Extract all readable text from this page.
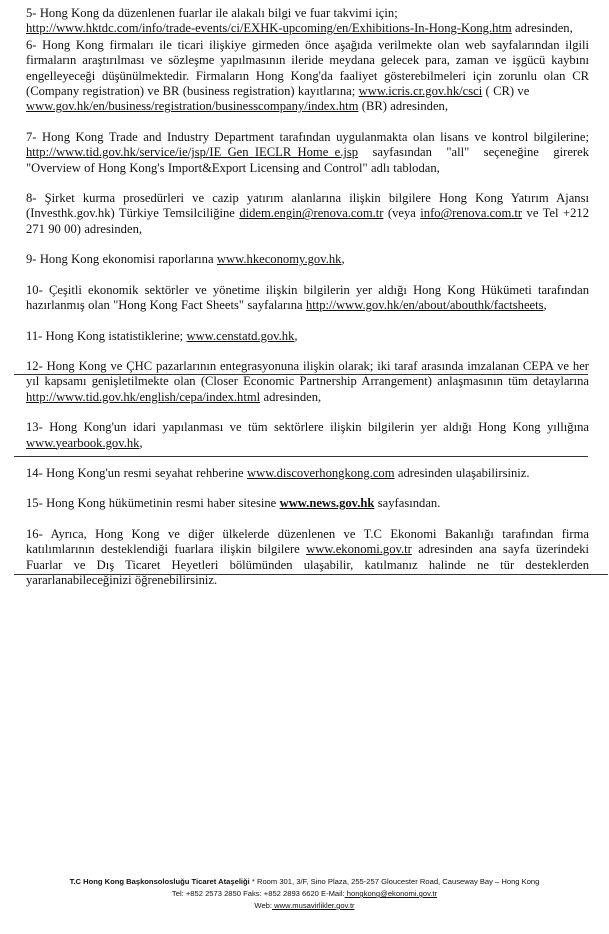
5- Hong Kong da düzenlenen fuarlar ile alakalı bilgi ve fuar takvimi için;
http://www.hktdc.com/info/trade-events/ci/EXHK-upcoming/en/Exhibitions-In-Hong-Kong.htm adresinden,

6- Hong Kong firmaları ile ticari ilişkiye girmeden önce aşağıda verilmekte olan web sayfalarından ilgili firmaların araştırılması ve sözleşme yapılmasının ileride meydana gelecek para, zaman ve işgücü kaybını engelleyeceği düşünülmektedir. Firmaların Hong Kong'da faaliyet gösterebilmeleri için zorunlu olan CR (Company registration) ve BR (business registration) kayıtlarına; www.icris.cr.gov.hk/csci ( CR) ve
www.gov.hk/en/business/registration/businesscompany/index.htm (BR) adresinden,

7- Hong Kong Trade and Industry Department tarafından uygulanmakta olan lisans ve kontrol bilgilerine; http://www.tid.gov.hk/service/ie/jsp/IE_Gen_IECLR_Home_e.jsp sayfasından "all" seçeneğine girerek "Overview of Hong Kong's Import&Export Licensing and Control" adlı tablodan,

8- Şirket kurma prosedürleri ve cazip yatırım alanlarına ilişkin bilgilere Hong Kong Yatırım Ajansı (Investhk.gov.hk) Türkiye Temsilciliğine didem.engin@renova.com.tr (veya info@renova.com.tr ve Tel +212 271 90 00) adresinden,

9- Hong Kong ekonomisi raporlarına www.hkeconomy.gov.hk,

10- Çeşitli ekonomik sektörler ve yönetime ilişkin bilgilerin yer aldığı Hong Kong Hükümeti tarafından hazırlanmış olan "Hong Kong Fact Sheets" sayfalarına http://www.gov.hk/en/about/abouthk/factsheets,

11- Hong Kong istatistiklerine; www.censtatd.gov.hk,

12- Hong Kong ve ÇHC pazarlarının entegrasyonuna ilişkin olarak; iki taraf arasında imzalanan CEPA ve her yıl kapsamı genişletilmekte olan (Closer Economic Partnership Arrangement) anlaşmasının tüm detaylarına http://www.tid.gov.hk/english/cepa/index.html adresinden,

13- Hong Kong'un idari yapılanması ve tüm sektörlere ilişkin bilgilerin yer aldığı Hong Kong yıllığına www.yearbook.gov.hk,

14- Hong Kong'un resmi seyahat rehberine www.discoverhongkong.com adresinden ulaşabilirsiniz.

15- Hong Kong hükümetinin resmi haber sitesine www.news.gov.hk sayfasından.

16- Ayrıca, Hong Kong ve diğer ülkelerde düzenlenen ve T.C Ekonomi Bakanlığı tarafından firma katılımlarının desteklendiği fuarlara ilişkin bilgilere www.ekonomi.gov.tr adresinden ana sayfa üzerindeki Fuarlar ve Dış Ticaret Heyetleri bölümünden ulaşabilir, katılmanız halinde ne tür desteklerden yararlanabileceğinizi öğrenebilirsiniz.

T.C Hong Kong Başkonsolosluğu Ticaret Ataşeliği * Room 301, 3/F, Sino Plaza, 255-257 Gloucester Road, Causeway Bay – Hong Kong
Tel: +852 2573 2850 Faks: +852 2893 6620 E-Mail: hongkong@ekonomi.gov.tr
Web: www.musavirlikler.gov.tr
